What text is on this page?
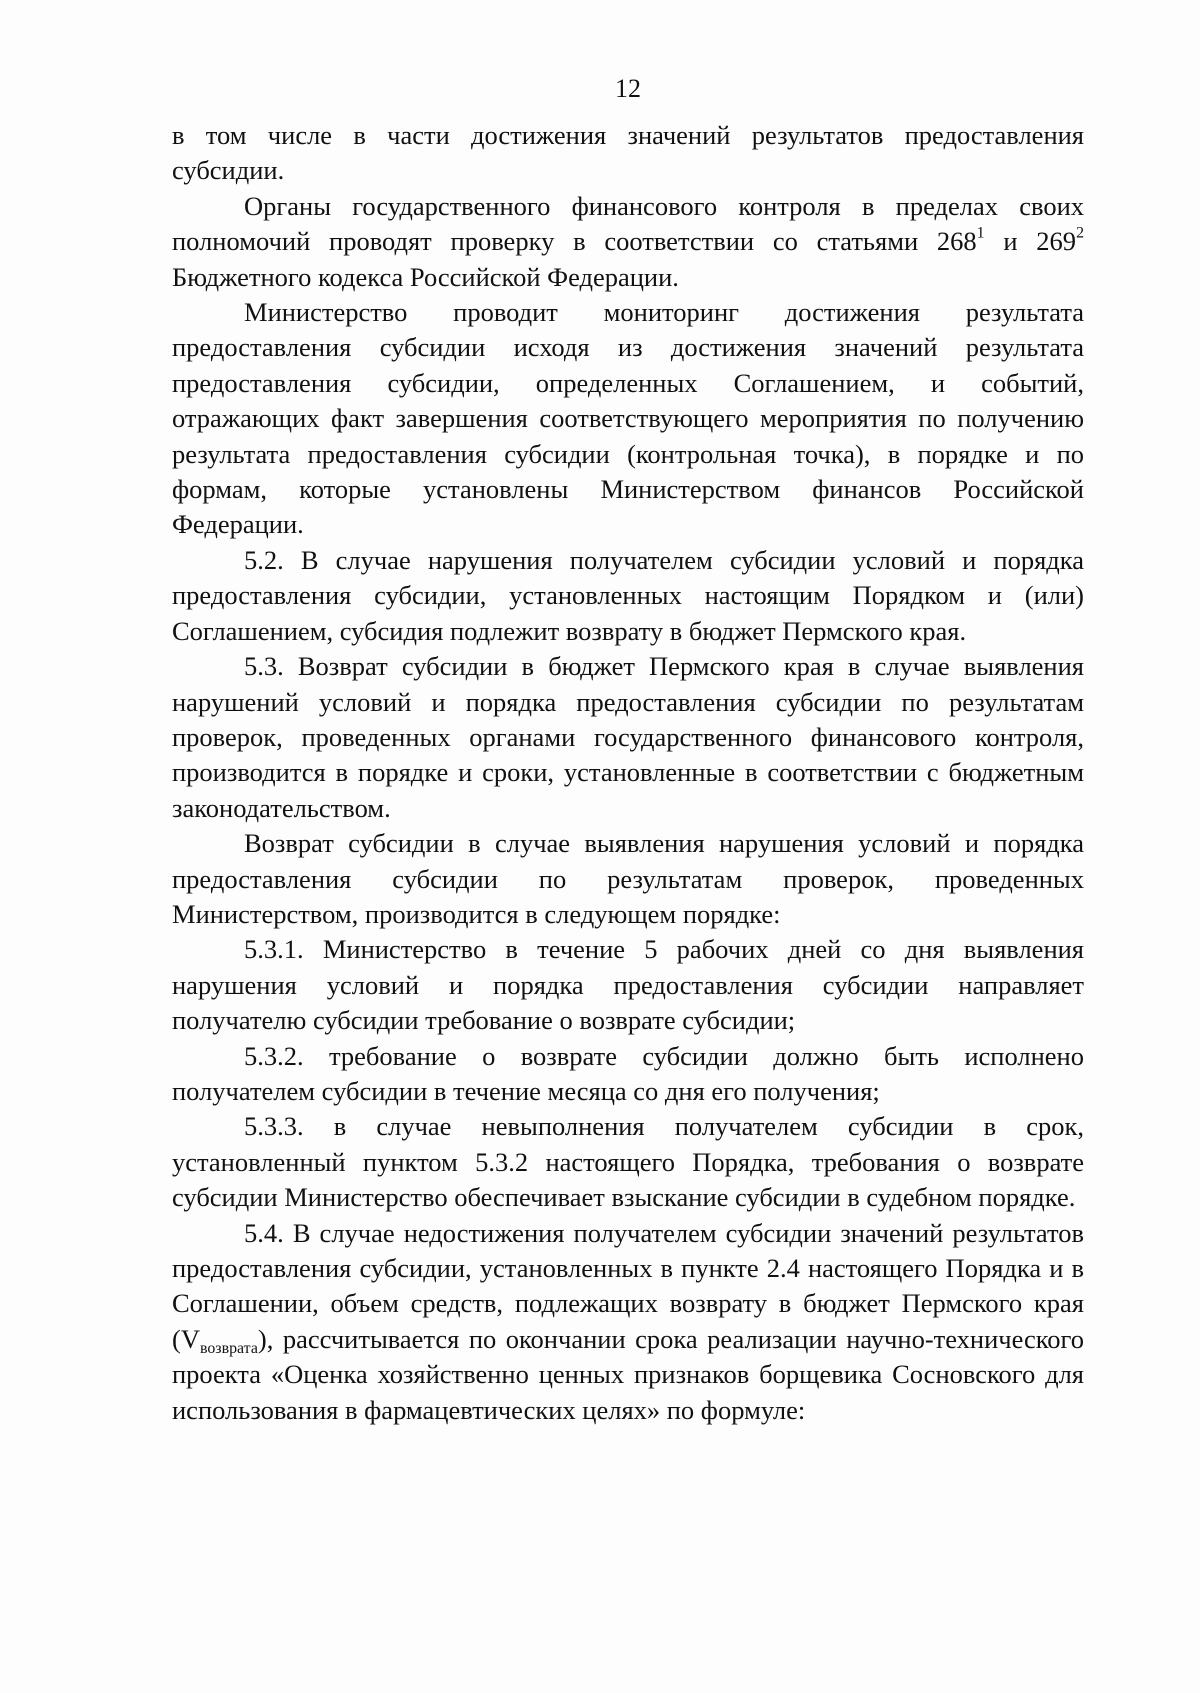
12

в том числе в части достижения значений результатов предоставления субсидии.

Органы государственного финансового контроля в пределах своих полномочий проводят проверку в соответствии со статьями $268^1$ и $269^2$ Бюджетного кодекса Российской Федерации.

Министерство проводит мониторинг достижения результата предоставления субсидии исходя из достижения значений результата предоставления субсидии, определенных Соглашением, и событий, отражающих факт завершения соответствующего мероприятия по получению результата предоставления субсидии (контрольная точка), в порядке и по формам, которые установлены Министерством финансов Российской Федерации.

5.2. В случае нарушения получателем субсидии условий и порядка предоставления субсидии, установленных настоящим Порядком и (или) Соглашением, субсидия подлежит возврату в бюджет Пермского края.

5.3. Возврат субсидии в бюджет Пермского края в случае выявления нарушений условий и порядка предоставления субсидии по результатам проверок, проведенных органами государственного финансового контроля, производится в порядке и сроки, установленные в соответствии с бюджетным законодательством.

Возврат субсидии в случае выявления нарушения условий и порядка предоставления субсидии по результатам проверок, проведенных Министерством, производится в следующем порядке:

5.3.1. Министерство в течение 5 рабочих дней со дня выявления нарушения условий и порядка предоставления субсидии направляет получателю субсидии требование о возврате субсидии;

5.3.2. требование о возврате субсидии должно быть исполнено получателем субсидии в течение месяца со дня его получения;

5.3.3. в случае невыполнения получателем субсидии в срок, установленный пунктом 5.3.2 настоящего Порядка, требования о возврате субсидии Министерство обеспечивает взыскание субсидии в судебном порядке.

5.4. В случае недостижения получателем субсидии значений результатов предоставления субсидии, установленных в пункте 2.4 настоящего Порядка и в Соглашении, объем средств, подлежащих возврату в бюджет Пермского края $(V_{возврата})$, рассчитывается по окончании срока реализации научно-технического проекта «Оценка хозяйственно ценных признаков борщевика Сосновского для использования в фармацевтических целях» по формуле:
